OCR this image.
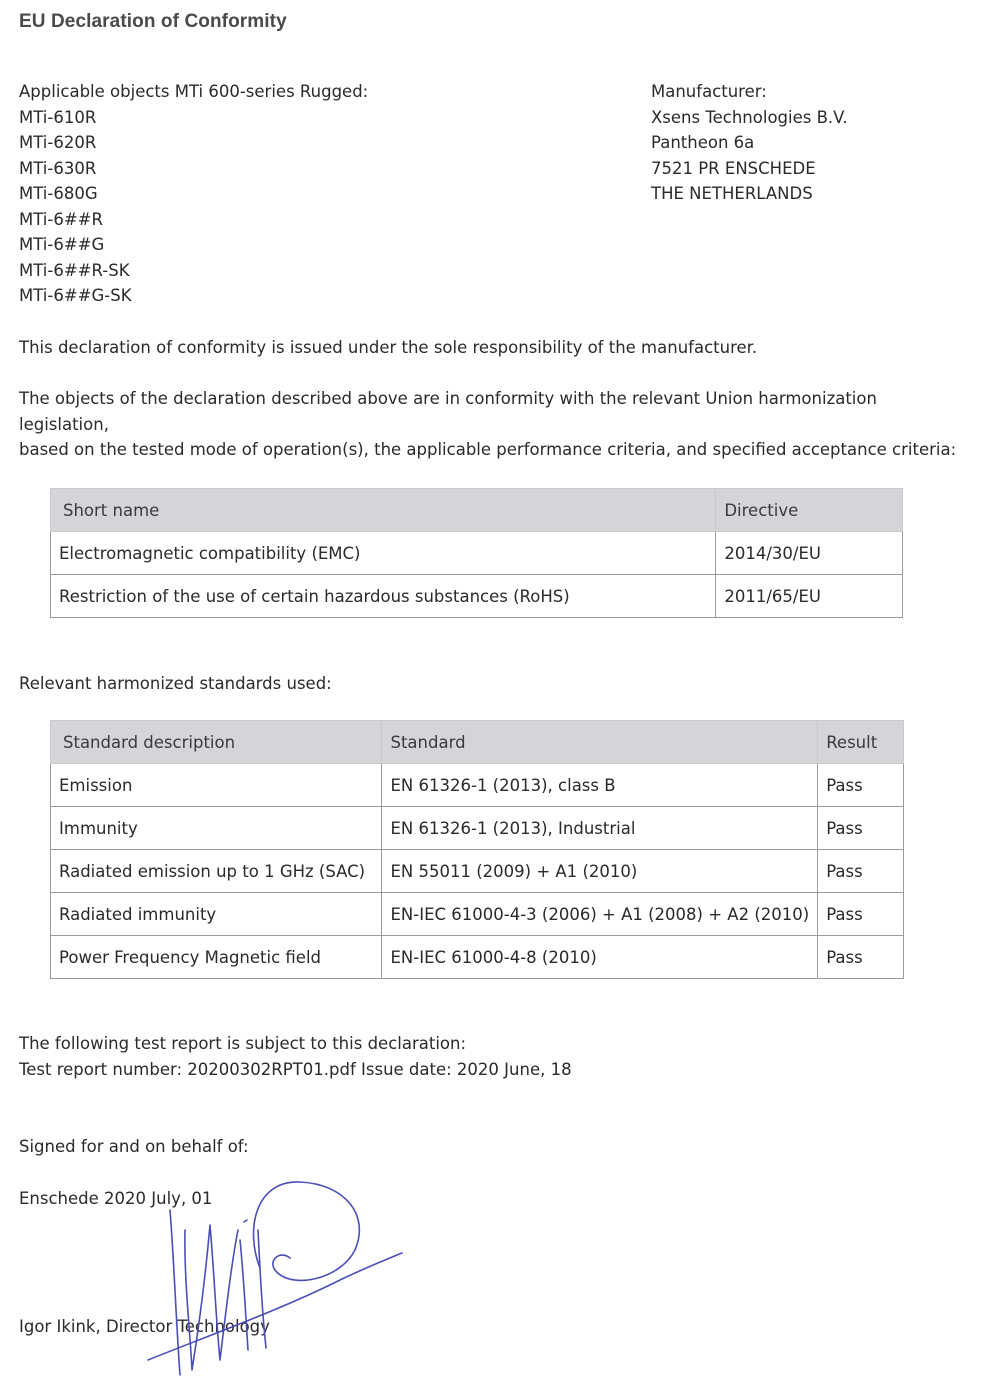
EU Declaration of Conformity
Applicable objects MTi 600-series Rugged:
MTi-610R
MTi-620R
MTi-630R
MTi-680G
MTi-6##R
MTi-6##G
MTi-6##R-SK
MTi-6##G-SK
Manufacturer:
Xsens Technologies B.V.
Pantheon 6a
7521 PR ENSCHEDE
THE NETHERLANDS
This declaration of conformity is issued under the sole responsibility of the manufacturer.
The objects of the declaration described above are in conformity with the relevant Union harmonization
legislation,
based on the tested mode of operation(s), the applicable performance criteria, and specified acceptance criteria:
Short name	Directive
Electromagnetic compatibility (EMC)	2014/30/EU
Restriction of the use of certain hazardous substances (RoHS)	2011/65/EU
Relevant harmonized standards used:
Standard description	Standard	Result
Emission	EN 61326-1 (2013), class B	Pass
Immunity	EN 61326-1 (2013), Industrial	Pass
Radiated emission up to 1 GHz (SAC)	EN 55011 (2009) + A1 (2010)	Pass
Radiated immunity	EN-IEC 61000-4-3 (2006) + A1 (2008) + A2 (2010)	Pass
Power Frequency Magnetic field	EN-IEC 61000-4-8 (2010)	Pass
The following test report is subject to this declaration:
Test report number: 20200302RPT01.pdf Issue date: 2020 June, 18
Signed for and on behalf of:
Enschede 2020 July, 01
Igor Ikink, Director Technology
